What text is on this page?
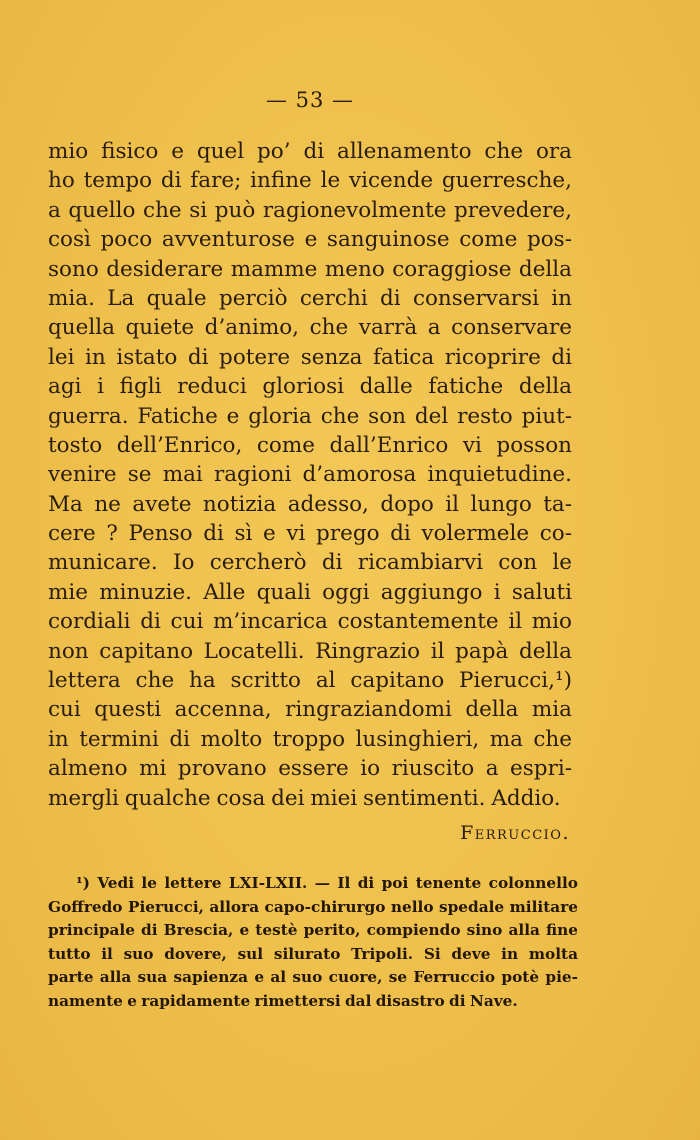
— 53 —
mio fisico e quel po’ di allenamento che ora
ho tempo di fare; infine le vicende guerresche,
a quello che si può ragionevolmente prevedere,
così poco avventurose e sanguinose come pos-
sono desiderare mamme meno coraggiose della
mia. La quale perciò cerchi di conservarsi in
quella quiete d’animo, che varrà a conservare
lei in istato di potere senza fatica ricoprire di
agi i figli reduci gloriosi dalle fatiche della
guerra. Fatiche e gloria che son del resto piut-
tosto dell’Enrico, come dall’Enrico vi posson
venire se mai ragioni d’amorosa inquietudine.
Ma ne avete notizia adesso, dopo il lungo ta-
cere ? Penso di sì e vi prego di volermele co-
municare. Io cercherò di ricambiarvi con le
mie minuzie. Alle quali oggi aggiungo i saluti
cordiali di cui m’incarica costantemente il mio
non capitano Locatelli. Ringrazio il papà della
lettera che ha scritto al capitano Pierucci,¹)
cui questi accenna, ringraziandomi della mia
in termini di molto troppo lusinghieri, ma che
almeno mi provano essere io riuscito a espri-
mergli qualche cosa dei miei sentimenti. Addio.
Ferruccio.
¹) Vedi le lettere LXI-LXII. — Il di poi tenente colonnello
Goffredo Pierucci, allora capo-chirurgo nello spedale militare
principale di Brescia, e testè perito, compiendo sino alla fine
tutto il suo dovere, sul silurato Tripoli. Si deve in molta
parte alla sua sapienza e al suo cuore, se Ferruccio potè pie-
namente e rapidamente rimettersi dal disastro di Nave.
